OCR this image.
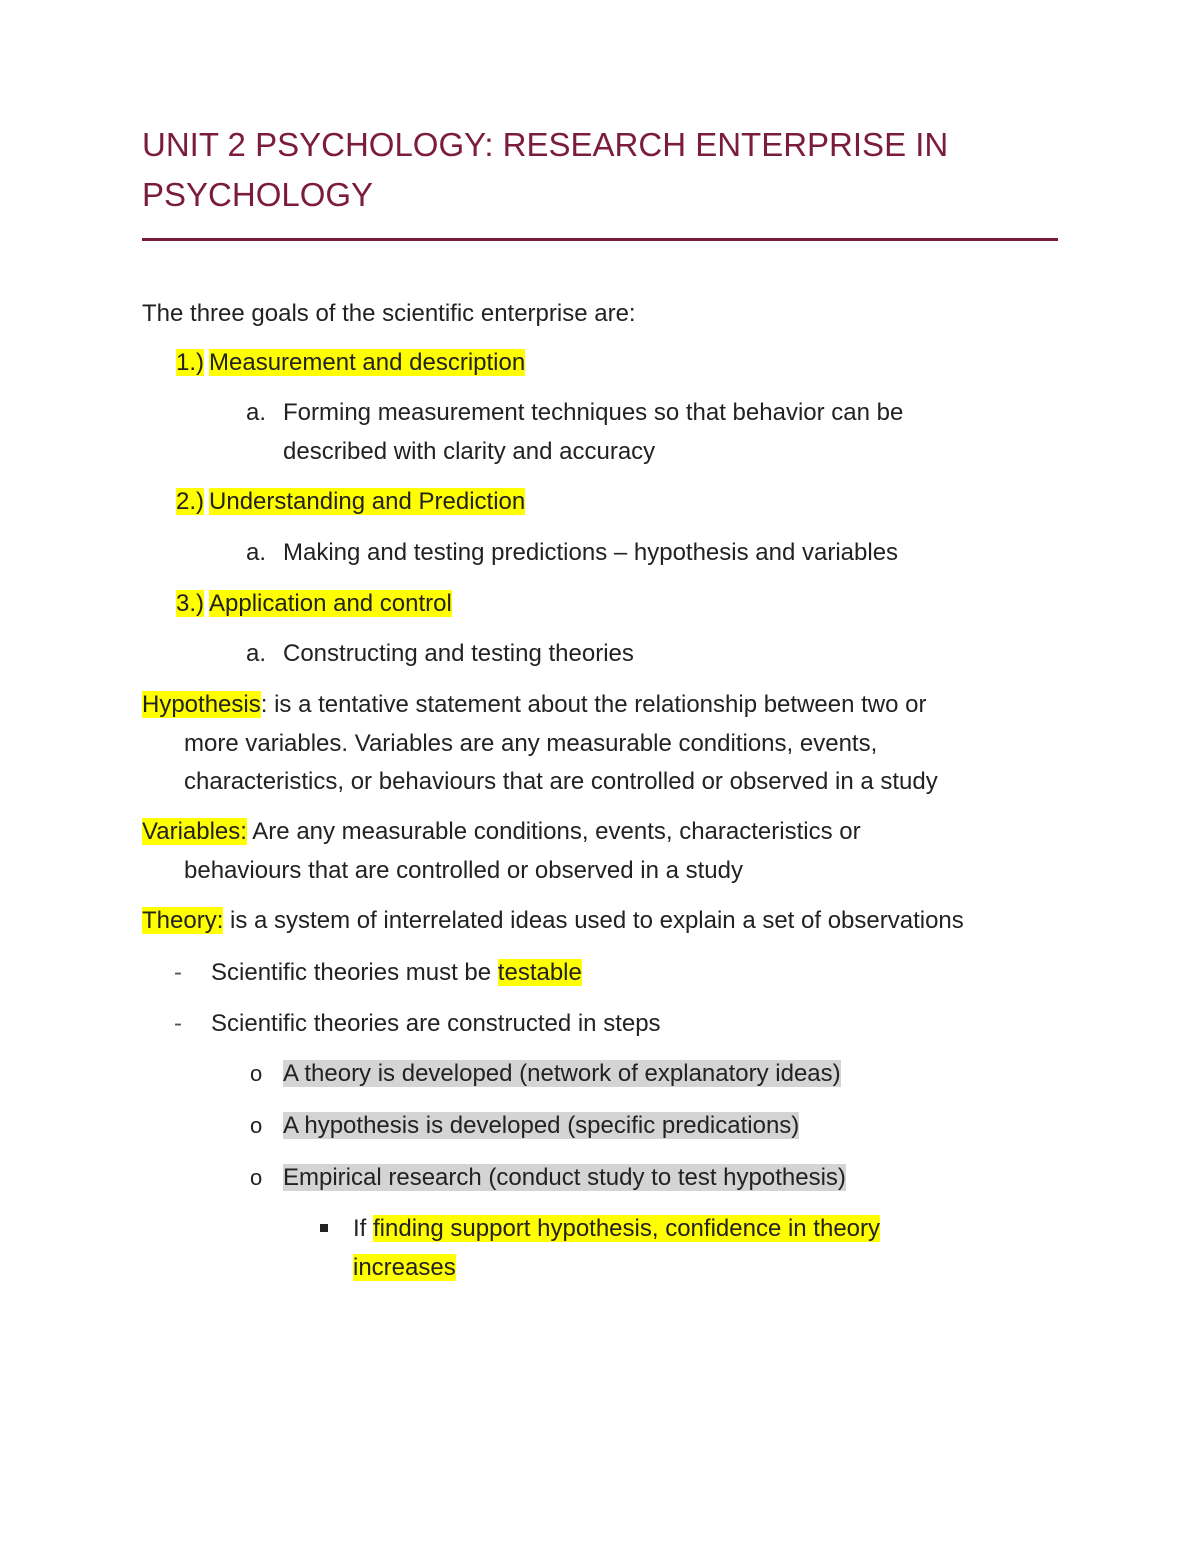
UNIT 2 PSYCHOLOGY: RESEARCH ENTERPRISE IN PSYCHOLOGY

The three goals of the scientific enterprise are:

1.) Measurement and description

a. Forming measurement techniques so that behavior can be

described with clarity and accuracy

2.) Understanding and Prediction

a. Making and testing predictions – hypothesis and variables

3.) Application and control

a. Constructing and testing theories

Hypothesis: is a tentative statement about the relationship between two or

more variables. Variables are any measurable conditions, events,

characteristics, or behaviours that are controlled or observed in a study

Variables: Are any measurable conditions, events, characteristics or

behaviours that are controlled or observed in a study

Theory: is a system of interrelated ideas used to explain a set of observations

- Scientific theories must be testable

- Scientific theories are constructed in steps

o A theory is developed (network of explanatory ideas)

o A hypothesis is developed (specific predications)

o Empirical research (conduct study to test hypothesis)

If finding support hypothesis, confidence in theory

increases
